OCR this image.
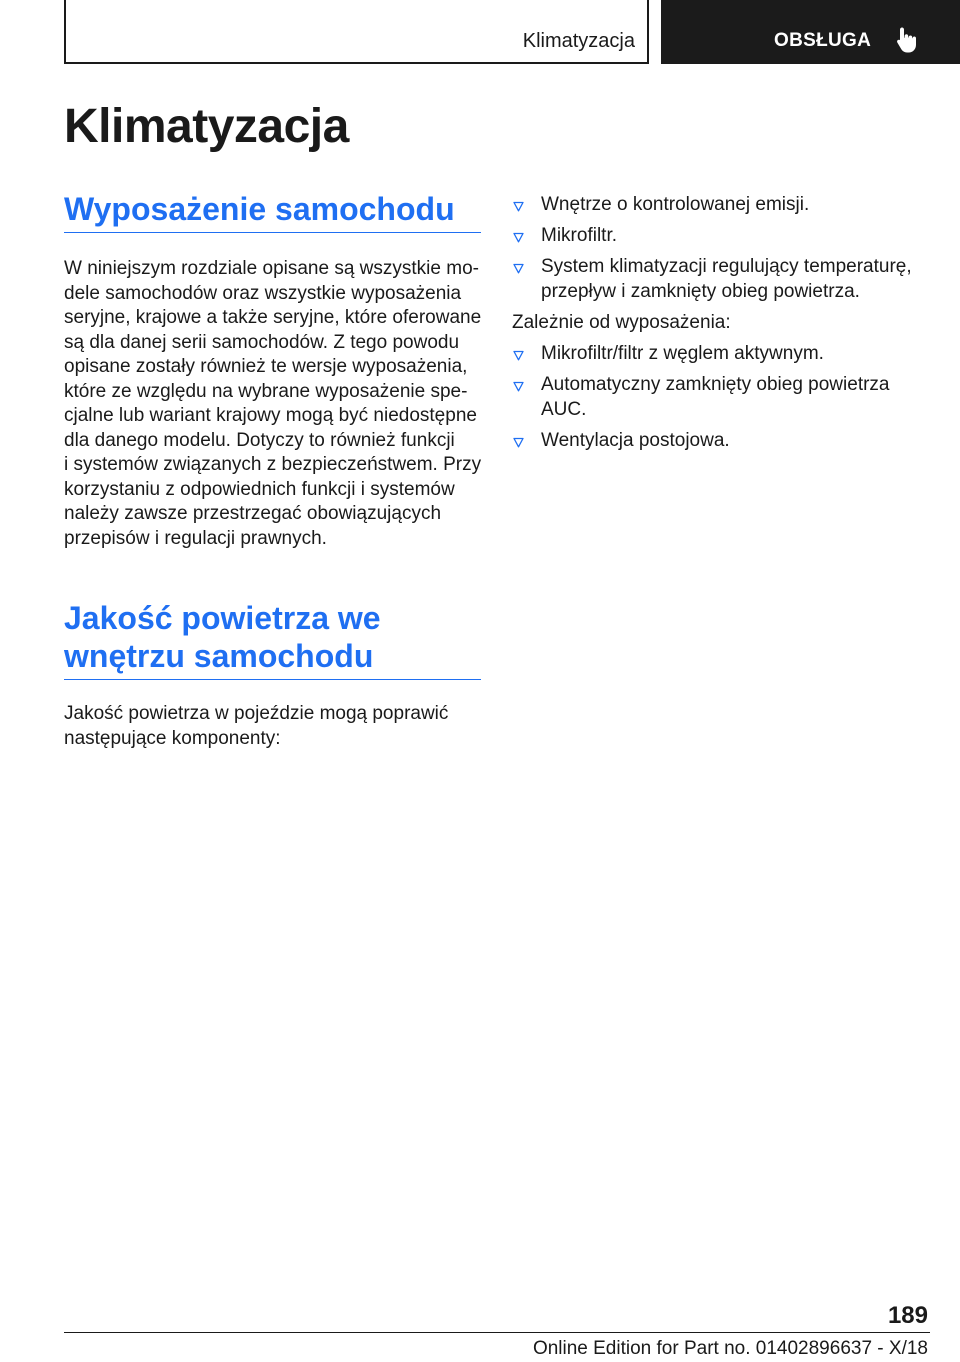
Klimatyzacja	OBSŁUGA
Klimatyzacja
Wyposażenie samochodu

W niniejszym rozdziale opisane są wszystkie mo-
dele samochodów oraz wszystkie wyposażenia
seryjne, krajowe a także seryjne, które oferowane
są dla danej serii samochodów. Z tego powodu
opisane zostały również te wersje wyposażenia,
które ze względu na wybrane wyposażenie spe-
cjalne lub wariant krajowy mogą być niedostępne
dla danego modelu. Dotyczy to również funkcji
i systemów związanych z bezpieczeństwem. Przy
korzystaniu z odpowiednich funkcji i systemów
należy zawsze przestrzegać obowiązujących
przepisów i regulacji prawnych.

Jakość powietrza we
wnętrzu samochodu

Jakość powietrza w pojeździe mogą poprawić
następujące komponenty:

Wnętrze o kontrolowanej emisji.
Mikrofiltr.
System klimatyzacji regulujący temperaturę,
przepływ i zamknięty obieg powietrza.

Zależnie od wyposażenia:

Mikrofiltr/filtr z węglem aktywnym.
Automatyczny zamknięty obieg powietrza
AUC.
Wentylacja postojowa.
189
Online Edition for Part no. 01402896637 - X/18
